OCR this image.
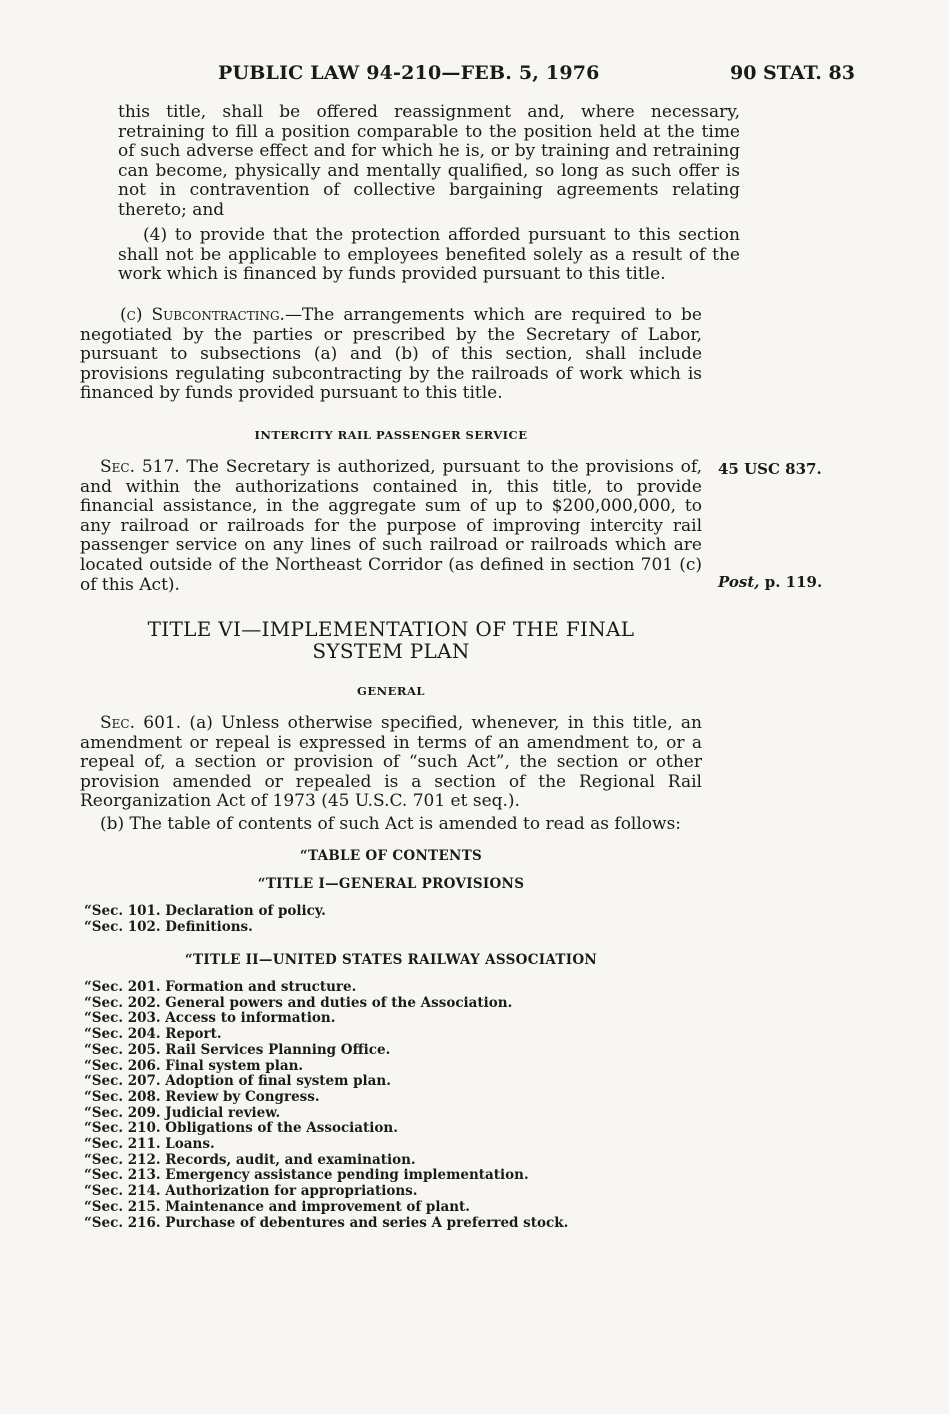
PUBLIC LAW 94-210—FEB. 5, 1976	90 STAT. 83

this title, shall be offered reassignment and, where necessary, retraining to fill a position comparable to the position held at the time of such adverse effect and for which he is, or by training and retraining can become, physically and mentally qualified, so long as such offer is not in contravention of collective bargaining agreements relating thereto; and

(4) to provide that the protection afforded pursuant to this section shall not be applicable to employees benefited solely as a result of the work which is financed by funds provided pursuant to this title.

(c) Subcontracting.—The arrangements which are required to be negotiated by the parties or prescribed by the Secretary of Labor, pursuant to subsections (a) and (b) of this section, shall include provisions regulating subcontracting by the railroads of work which is financed by funds provided pursuant to this title.

INTERCITY RAIL PASSENGER SERVICE

Sec. 517. The Secretary is authorized, pursuant to the provisions of, and within the authorizations contained in, this title, to provide financial assistance, in the aggregate sum of up to $200,000,000, to any railroad or railroads for the purpose of improving intercity rail passenger service on any lines of such railroad or railroads which are located outside of the Northeast Corridor (as defined in section 701 (c) of this Act).

45 USC 837.
Post, p. 119.
TITLE VI—IMPLEMENTATION OF THE FINAL
SYSTEM PLAN
GENERAL

Sec. 601. (a) Unless otherwise specified, whenever, in this title, an amendment or repeal is expressed in terms of an amendment to, or a repeal of, a section or provision of “such Act”, the section or other provision amended or repealed is a section of the Regional Rail Reorganization Act of 1973 (45 U.S.C. 701 et seq.).

(b) The table of contents of such Act is amended to read as follows:

“TABLE OF CONTENTS
“TITLE I—GENERAL PROVISIONS
“Sec. 101. Declaration of policy.
“Sec. 102. Definitions.
“TITLE II—UNITED STATES RAILWAY ASSOCIATION
“Sec. 201. Formation and structure.
“Sec. 202. General powers and duties of the Association.
“Sec. 203. Access to information.
“Sec. 204. Report.
“Sec. 205. Rail Services Planning Office.
“Sec. 206. Final system plan.
“Sec. 207. Adoption of final system plan.
“Sec. 208. Review by Congress.
“Sec. 209. Judicial review.
“Sec. 210. Obligations of the Association.
“Sec. 211. Loans.
“Sec. 212. Records, audit, and examination.
“Sec. 213. Emergency assistance pending implementation.
“Sec. 214. Authorization for appropriations.
“Sec. 215. Maintenance and improvement of plant.
“Sec. 216. Purchase of debentures and series A preferred stock.
